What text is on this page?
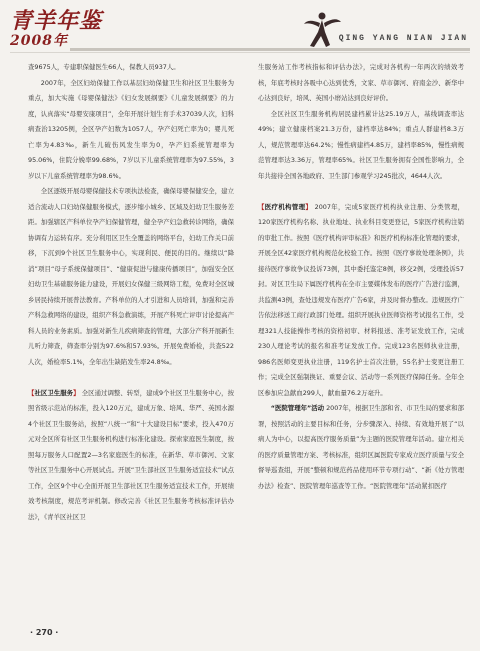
青羊年鉴
2008年	QING YANG NIAN JIAN

查9675人，专建职保健医生66人，保教人员937人。

2007年，全区妇幼保健工作以基层妇幼保健卫生和社区卫生服务为重点，加大实施《母婴保健法》《妇女发展纲要》《儿童发展纲要》的力度，认真落实“母婴安康项目”，全年开展计划生育手术37039人次，妇科病查治13205例，全区孕产妇数为1057人，孕产妇死亡率为0；婴儿死亡率为4.83‰，新生儿破伤风发生率为0，孕产妇系统管理率为95.06%，住院分娩率99.68%，7岁以下儿童系统管理率为97.55%，3岁以下儿童系统管理率为98.6%。

全区逐级开展母婴保健技术专项执法检查，确保母婴保健安全，建立适合流动人口妇幼保健服务模式，逐步缩小城乡、区域及妇幼卫生服务差距。加强辖区产科单位孕产妇保健管理，健全孕产妇急救转诊网络，确保协调有力运转有序。充分利用区卫生全覆盖的网络平台，妇幼工作关口前移，下沉到9个社区卫生服务中心，实现利民、便民的目的。继续以“降消”项目“母子系统保健项目”、“健康促进与健康传播项目”，加强安全区妇幼卫生基础服务能力建设，开展妇女保健三级网络工程，免费对全区城乡居民持续开展普法教育。产科单位的人才引进和人员培训，加强和完善产科急救网络的建设，组织产科急救演练，开展产科死亡评审讨论提高产科人员的业务素质。加强对新生儿疾病筛查的管理，大部分产科开展新生儿听力筛查，筛查率分别为97.6%和57.93%。开展免费婚检，共查522人次，婚检率5.1%，全年出生缺陷发生率24.8‰。

【社区卫生服务】 全区通过调整、转型，建成9个社区卫生服务中心，按照省级示范站的标准，投入120万元，建成万象、培风、华严、英国水源4个社区卫生服务站，按照“八统一”和“十大建设目标”要求，投入470万元对全区所有社区卫生服务机构进行标准化建设。探索家庭医生制度，按照每万服务人口配置2—3名家庭医生的标准，在新华、草市御河、文家等社区卫生服务中心开展试点。开展“卫生部社区卫生服务适宜技术”试点工作，全区9个中心全面开展卫生部社区卫生服务适宜技术工作，开展绩效考核制度，规范考评机制。修改完善《社区卫生服务考核标准评估办法》，《青羊区社区卫

生服务站工作考核指标和评估办法》，完成对各机构一年两次的绩效考核，年底考核时各吸中心达到优秀，文家、草市御河、府南金沙、新华中心达到良好，培风、英国小磨站达到良好评价。

全区社区卫生服务机构居民建档累计达25.19万人，基线调查率达49%；建立健康档案21.3万份，建档率达84%；重点人群建档8.3万人，规范管理率达64.2%；慢性病建档4.85万，建档率85%，慢性病规范管理率达3.36万，管理率65%。社区卫生服务拥有全国性影响力，全年共接待全国各地政府、卫生部门参观学习245批次，4644人次。

【医疗机构管理】 2007年，完成5家医疗机构执业注册、分类管理，120家医疗机构名称、执业地址、执业科目变更登记，5家医疗机构注销的审批工作。按照《医疗机构评审标准》和医疗机构标准化管理的要求，开展全区42家医疗机构规范化校验工作。按照《医疗事故处理条例》，共接待医疗事故争议投诉73例，其中委托鉴定8例，移交2例，受理投诉57封。对区卫生局下属医疗机构在全市主要媒体发布的医疗广告进行监测，共监测43例，查处违规发布医疗广告6家，并及时督办整改。违规医疗广告依法移送工商行政部门处理。组织开展执业医师资格考试报名工作，受理321人技能操作考核的资格初审、材料报送、准考证发放工作，完成230人理论考试的报名和准考证发放工作。完成123名医师执业注册，986名医师变更执业注册，119名护士首次注册，55名护士变更注册工作；完成全区强制换证、重要会议、活动等一系列医疗保障任务。全年全区参加应急献血299人，献血量76.2万毫升。

“医院管理年”活动 2007年，根据卫生部和省、市卫生局的要求和部署，按照活动的主要目标和任务，分步骤深入、持续、有效地开展了“以病人为中心，以提高医疗服务质量”为主题的医院管理年活动。建立相关的医疗质量管理方案、考核标准，组织区属医院专家成立医疗质量与安全督导巡查组，开展“整顿和规范药品使用环节专项行动”、“新《处方管理办法》检查”、医院管理年巡查等工作。“医院管理年”活动紧扣医疗

· 270 ·
